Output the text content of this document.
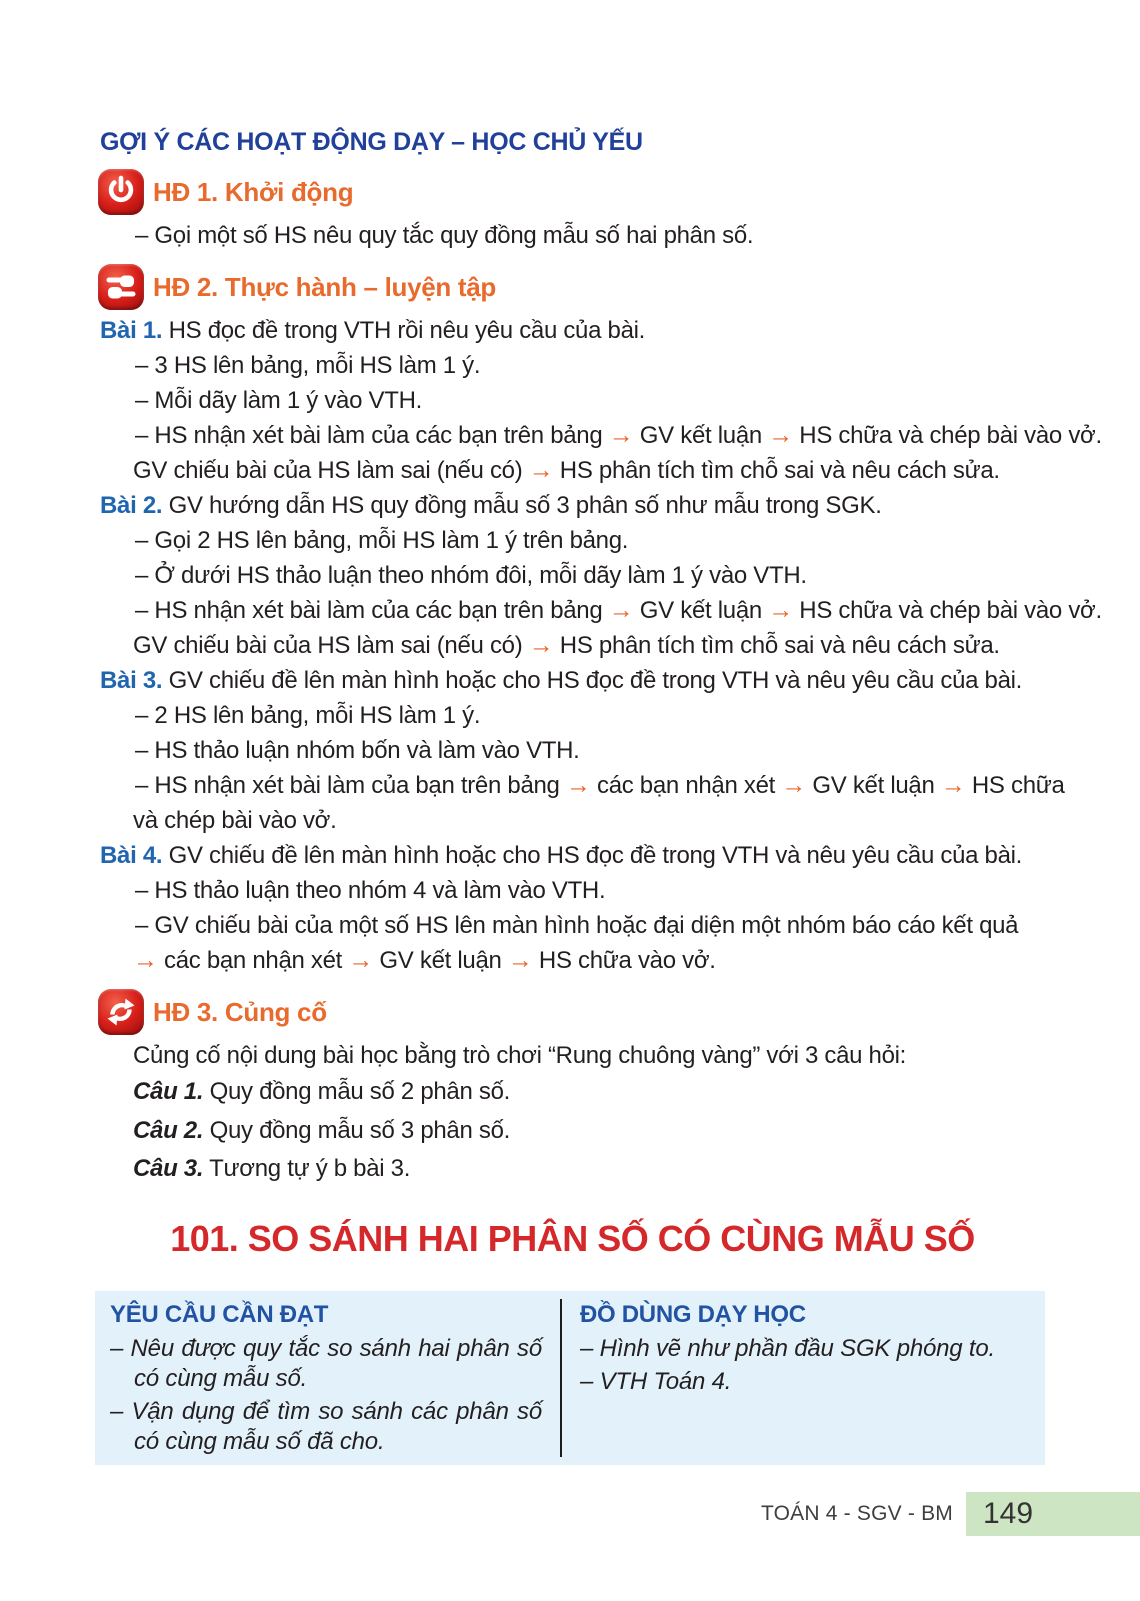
GỢI Ý CÁC HOẠT ĐỘNG DẠY – HỌC CHỦ YẾU
HĐ 1. Khởi động

– Gọi một số HS nêu quy tắc quy đồng mẫu số hai phân số.

HĐ 2. Thực hành – luyện tập

Bài 1. HS đọc đề trong VTH rồi nêu yêu cầu của bài.

– 3 HS lên bảng, mỗi HS làm 1 ý.

– Mỗi dãy làm 1 ý vào VTH.

– HS nhận xét bài làm của các bạn trên bảng → GV kết luận → HS chữa và chép bài vào vở.

GV chiếu bài của HS làm sai (nếu có) → HS phân tích tìm chỗ sai và nêu cách sửa.

Bài 2. GV hướng dẫn HS quy đồng mẫu số 3 phân số như mẫu trong SGK.

– Gọi 2 HS lên bảng, mỗi HS làm 1 ý trên bảng.

– Ở dưới HS thảo luận theo nhóm đôi, mỗi dãy làm 1 ý vào VTH.

– HS nhận xét bài làm của các bạn trên bảng → GV kết luận → HS chữa và chép bài vào vở.

GV chiếu bài của HS làm sai (nếu có) → HS phân tích tìm chỗ sai và nêu cách sửa.

Bài 3. GV chiếu đề lên màn hình hoặc cho HS đọc đề trong VTH và nêu yêu cầu của bài.

– 2 HS lên bảng, mỗi HS làm 1 ý.

– HS thảo luận nhóm bốn và làm vào VTH.

– HS nhận xét bài làm của bạn trên bảng → các bạn nhận xét → GV kết luận → HS chữa

và chép bài vào vở.

Bài 4. GV chiếu đề lên màn hình hoặc cho HS đọc đề trong VTH và nêu yêu cầu của bài.

– HS thảo luận theo nhóm 4 và làm vào VTH.

– GV chiếu bài của một số HS lên màn hình hoặc đại diện một nhóm báo cáo kết quả

→ các bạn nhận xét → GV kết luận → HS chữa vào vở.

HĐ 3. Củng cố

Củng cố nội dung bài học bằng trò chơi “Rung chuông vàng” với 3 câu hỏi:

Câu 1. Quy đồng mẫu số 2 phân số.

Câu 2. Quy đồng mẫu số 3 phân số.

Câu 3. Tương tự ý b bài 3.

101. SO SÁNH HAI PHÂN SỐ CÓ CÙNG MẪU SỐ

YÊU CẦU CẦN ĐẠT

– Nêu được quy tắc so sánh hai phân số có cùng mẫu số.

– Vận dụng để tìm so sánh các phân số có cùng mẫu số đã cho.

ĐỒ DÙNG DẠY HỌC

– Hình vẽ như phần đầu SGK phóng to.

– VTH Toán 4.

TOÁN 4 - SGV - BM 149
